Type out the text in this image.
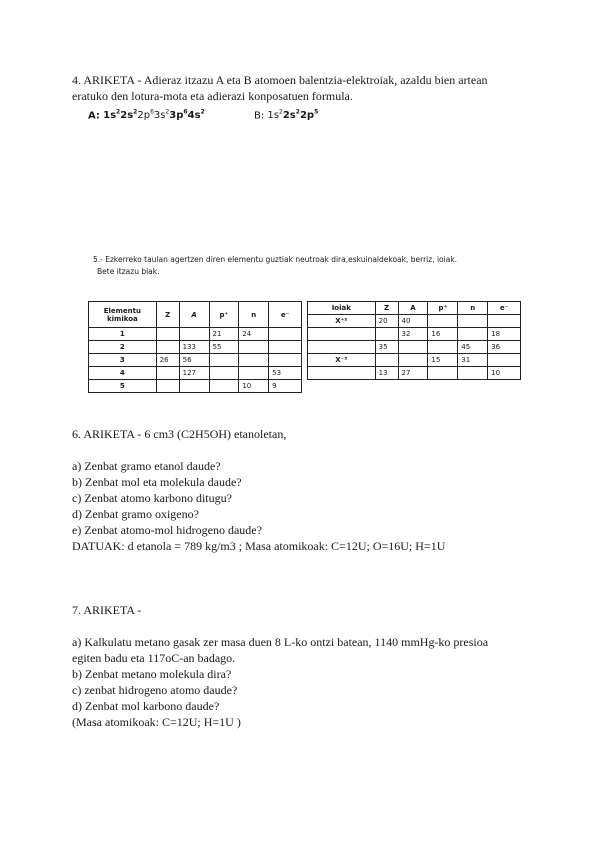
4. ARIKETA - Adieraz itzazu A eta B atomoen balentzia-elektroiak, azaldu bien artean
eratuko den lotura-mota eta adierazi konposatuen formula.
A: $1s^22s^22p^63s^23p^64s^2$	B: $1s^22s^22p^5$
5.- Ezkerreko taulan agertzen diren elementu guztiak neutroak dira,eskuinaldekoak, berriz, ioiak.
Bete itzazu biak.
Elementu kimikoa	Z	A	p⁺	n	e⁻
1			21	24	
2		133	55		
3	26	56			
4		127			53
5				10	9
Ioiak	Z	A	p⁺	n	e⁻
X⁺²	20	40			
		32	16		18
	35			45	36
X⁻³			15	31	
	13	27			10
6. ARIKETA - 6 cm3 (C2H5OH) etanoletan,
a) Zenbat gramo etanol daude?
b) Zenbat mol eta molekula daude?
c) Zenbat atomo karbono ditugu?
d) Zenbat gramo oxigeno?
e) Zenbat atomo-mol hidrogeno daude?
DATUAK: d etanola = 789 kg/m3 ; Masa atomikoak: C=12U; O=16U; H=1U
7. ARIKETA -
a) Kalkulatu metano gasak zer masa duen 8 L-ko ontzi batean, 1140 mmHg-ko presioa
egiten badu eta 117oC-an badago.
b) Zenbat metano molekula dira?
c) zenbat hidrogeno atomo daude?
d) Zenbat mol karbono daude?
(Masa atomikoak: C=12U; H=1U )
